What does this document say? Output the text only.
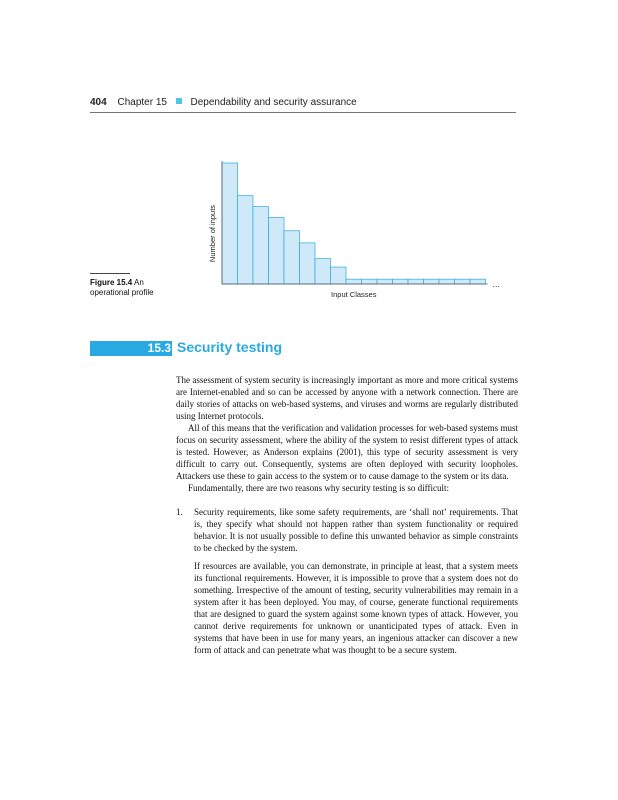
404 Chapter 15 Dependability and security assurance
...
Input Classes
Number of inputs
Figure 15.4 An
operational profile
15.3 Security testing

The assessment of system security is increasingly important as more and more critical systems are Internet-enabled and so can be accessed by anyone with a network connection. There are daily stories of attacks on web-based systems, and viruses and worms are regularly distributed using Internet protocols.

All of this means that the verification and validation processes for web-based systems must focus on security assessment, where the ability of the system to resist different types of attack is tested. However, as Anderson explains (2001), this type of security assessment is very difficult to carry out. Consequently, systems are often deployed with security loopholes. Attackers use these to gain access to the system or to cause damage to the system or its data.

Fundamentally, there are two reasons why security testing is so difficult:

1.	Security requirements, like some safety requirements, are ‘shall not’ requirements. That is, they specify what should not happen rather than system functionality or required behavior. It is not usually possible to define this unwanted behavior as simple constraints to be checked by the system.

If resources are available, you can demonstrate, in principle at least, that a system meets its functional requirements. However, it is impossible to prove that a system does not do something. Irrespective of the amount of testing, security vulnerabilities may remain in a system after it has been deployed. You may, of course, generate functional requirements that are designed to guard the system against some known types of attack. However, you cannot derive requirements for unknown or unanticipated types of attack. Even in systems that have been in use for many years, an ingenious attacker can discover a new form of attack and can penetrate what was thought to be a secure system.
